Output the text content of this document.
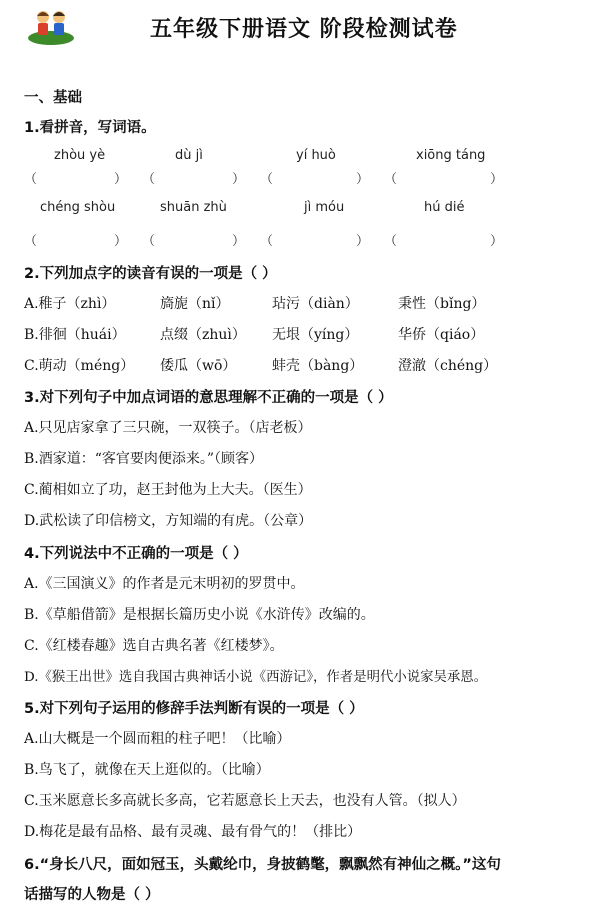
五年级下册语文 阶段检测试卷
一、基础
1.看拼音，写词语。
zhòu yè	dù jì	yí huò	xiōng táng
（	） （	） （	） （	）
chéng shòu	shuān zhù	jì móu	hú dié
（	） （	） （	） （	）
2.下列加点字的读音有误的一项是（ ）
A.稚子（zhì）	旖旎（nǐ）	玷污（diàn）	秉性（bǐng）
B.徘徊（huái） 点缀（zhuì） 无垠（yíng）	华侨（qiáo）
C.萌动（méng） 倭瓜（wō）	蚌壳（bàng） 澄澈（chéng）
3.对下列句子中加点词语的意思理解不正确的一项是（ ）
A.只见店家拿了三只碗，一双筷子。（店老板）
B.酒家道：“客官要肉便添来。”（顾客）
C.蔺相如立了功，赵王封他为上大夫。（医生）
D.武松读了印信榜文，方知端的有虎。（公章）
4.下列说法中不正确的一项是（ ）
A.《三国演义》的作者是元末明初的罗贯中。
B.《草船借箭》是根据长篇历史小说《水浒传》改编的。
C.《红楼春趣》选自古典名著《红楼梦》。
D.《猴王出世》选自我国古典神话小说《西游记》，作者是明代小说家吴承恩。
5.对下列句子运用的修辞手法判断有误的一项是（ ）
A.山大概是一个圆而粗的柱子吧！（比喻）
B.鸟飞了，就像在天上逛似的。（比喻）
C.玉米愿意长多高就长多高，它若愿意长上天去，也没有人管。（拟人）
D.梅花是最有品格、最有灵魂、最有骨气的！（排比）
6.“身长八尺，面如冠玉，头戴纶巾，身披鹤氅，飘飘然有神仙之概。”这句
话描写的人物是（ ）
